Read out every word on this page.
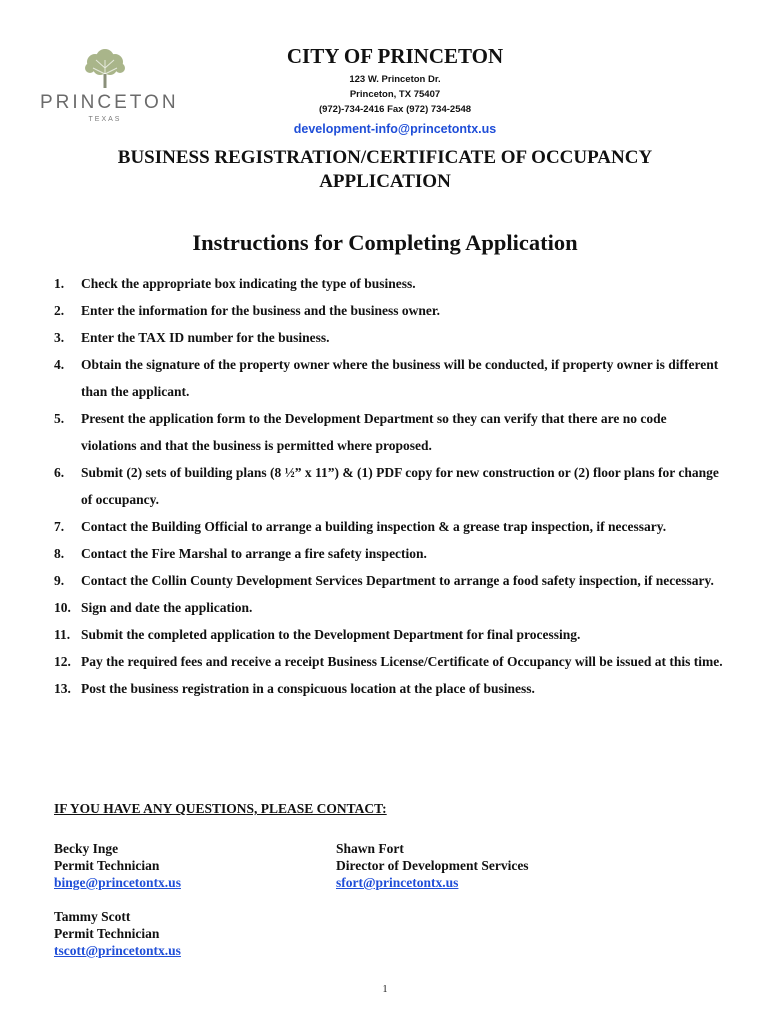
PRINCETON
TEXAS
CITY OF PRINCETON
123 W. Princeton Dr.
Princeton, TX 75407
(972)-734-2416 Fax (972) 734-2548
development-info@princetontx.us
BUSINESS REGISTRATION/CERTIFICATE OF OCCUPANCY
APPLICATION
Instructions for Completing Application
1.	Check the appropriate box indicating the type of business.
2.	Enter the information for the business and the business owner.
3.	Enter the TAX ID number for the business.
4.	Obtain the signature of the property owner where the business will be conducted, if property owner is different than the applicant.
5.	Present the application form to the Development Department so they can verify that there are no code violations and that the business is permitted where proposed.
6.	Submit (2) sets of building plans (8 ½” x 11”) & (1) PDF copy for new construction or (2) floor plans for change of occupancy.
7.	Contact the Building Official to arrange a building inspection & a grease trap inspection, if necessary.
8.	Contact the Fire Marshal to arrange a fire safety inspection.
9.	Contact the Collin County Development Services Department to arrange a food safety inspection, if necessary.
10. Sign and date the application.
11. Submit the completed application to the Development Department for final processing.
12. Pay the required fees and receive a receipt Business License/Certificate of Occupancy will be issued at this time.
13. Post the business registration in a conspicuous location at the place of business.
IF YOU HAVE ANY QUESTIONS, PLEASE CONTACT:
Becky Inge
Permit Technician
binge@princetontx.us
Shawn Fort
Director of Development Services
sfort@princetontx.us
Tammy Scott
Permit Technician
tscott@princetontx.us
1
